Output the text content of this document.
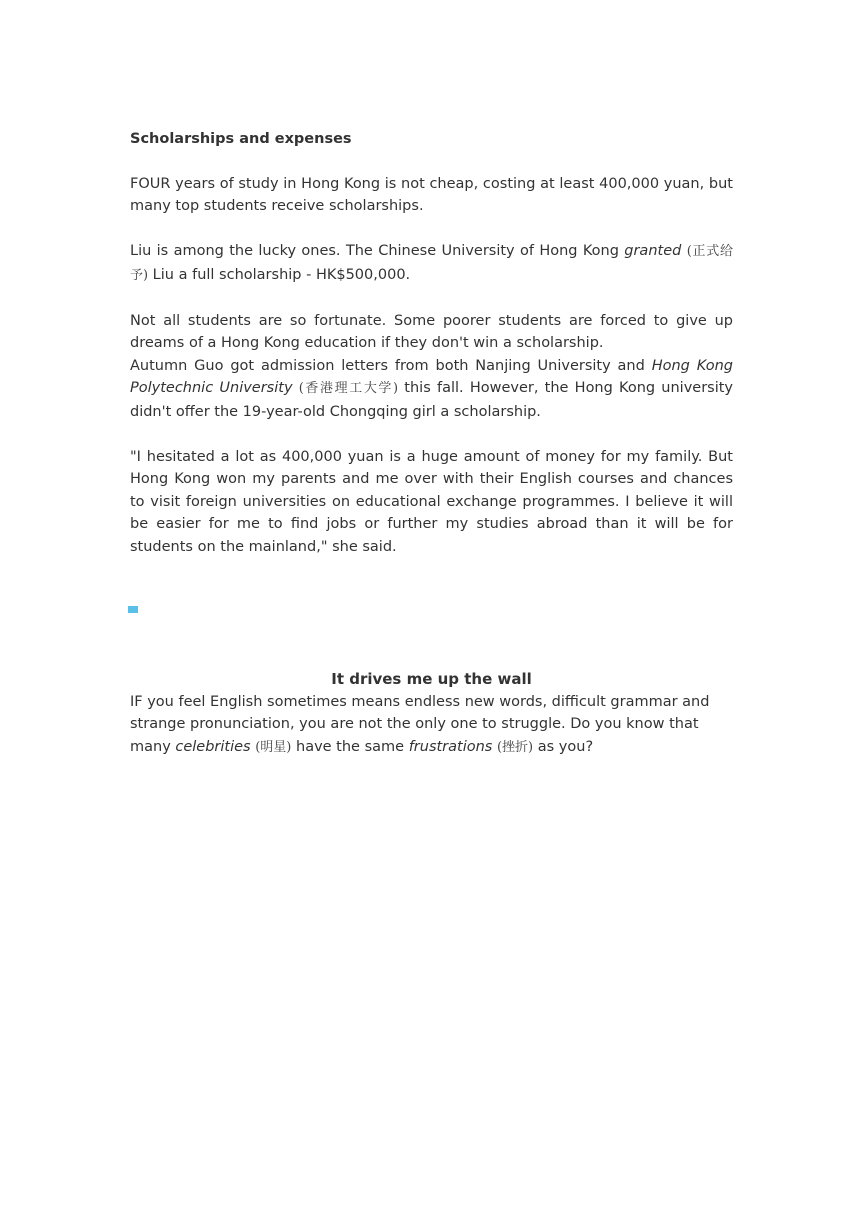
Scholarships and expenses

FOUR years of study in Hong Kong is not cheap, costing at least 400,000 yuan, but many top students receive scholarships.

Liu is among the lucky ones. The Chinese University of Hong Kong granted (正式给予) Liu a full scholarship - HK$500,000.

Not all students are so fortunate. Some poorer students are forced to give up dreams of a Hong Kong education if they don't win a scholarship.

Autumn Guo got admission letters from both Nanjing University and Hong Kong Polytechnic University (香港理工大学) this fall. However, the Hong Kong university didn't offer the 19-year-old Chongqing girl a scholarship.

"I hesitated a lot as 400,000 yuan is a huge amount of money for my family. But Hong Kong won my parents and me over with their English courses and chances to visit foreign universities on educational exchange programmes. I believe it will be easier for me to find jobs or further my studies abroad than it will be for students on the mainland," she said.

It drives me up the wall

IF you feel English sometimes means endless new words, difficult grammar and strange pronunciation, you are not the only one to struggle. Do you know that many celebrities (明星) have the same frustrations (挫折) as you?
